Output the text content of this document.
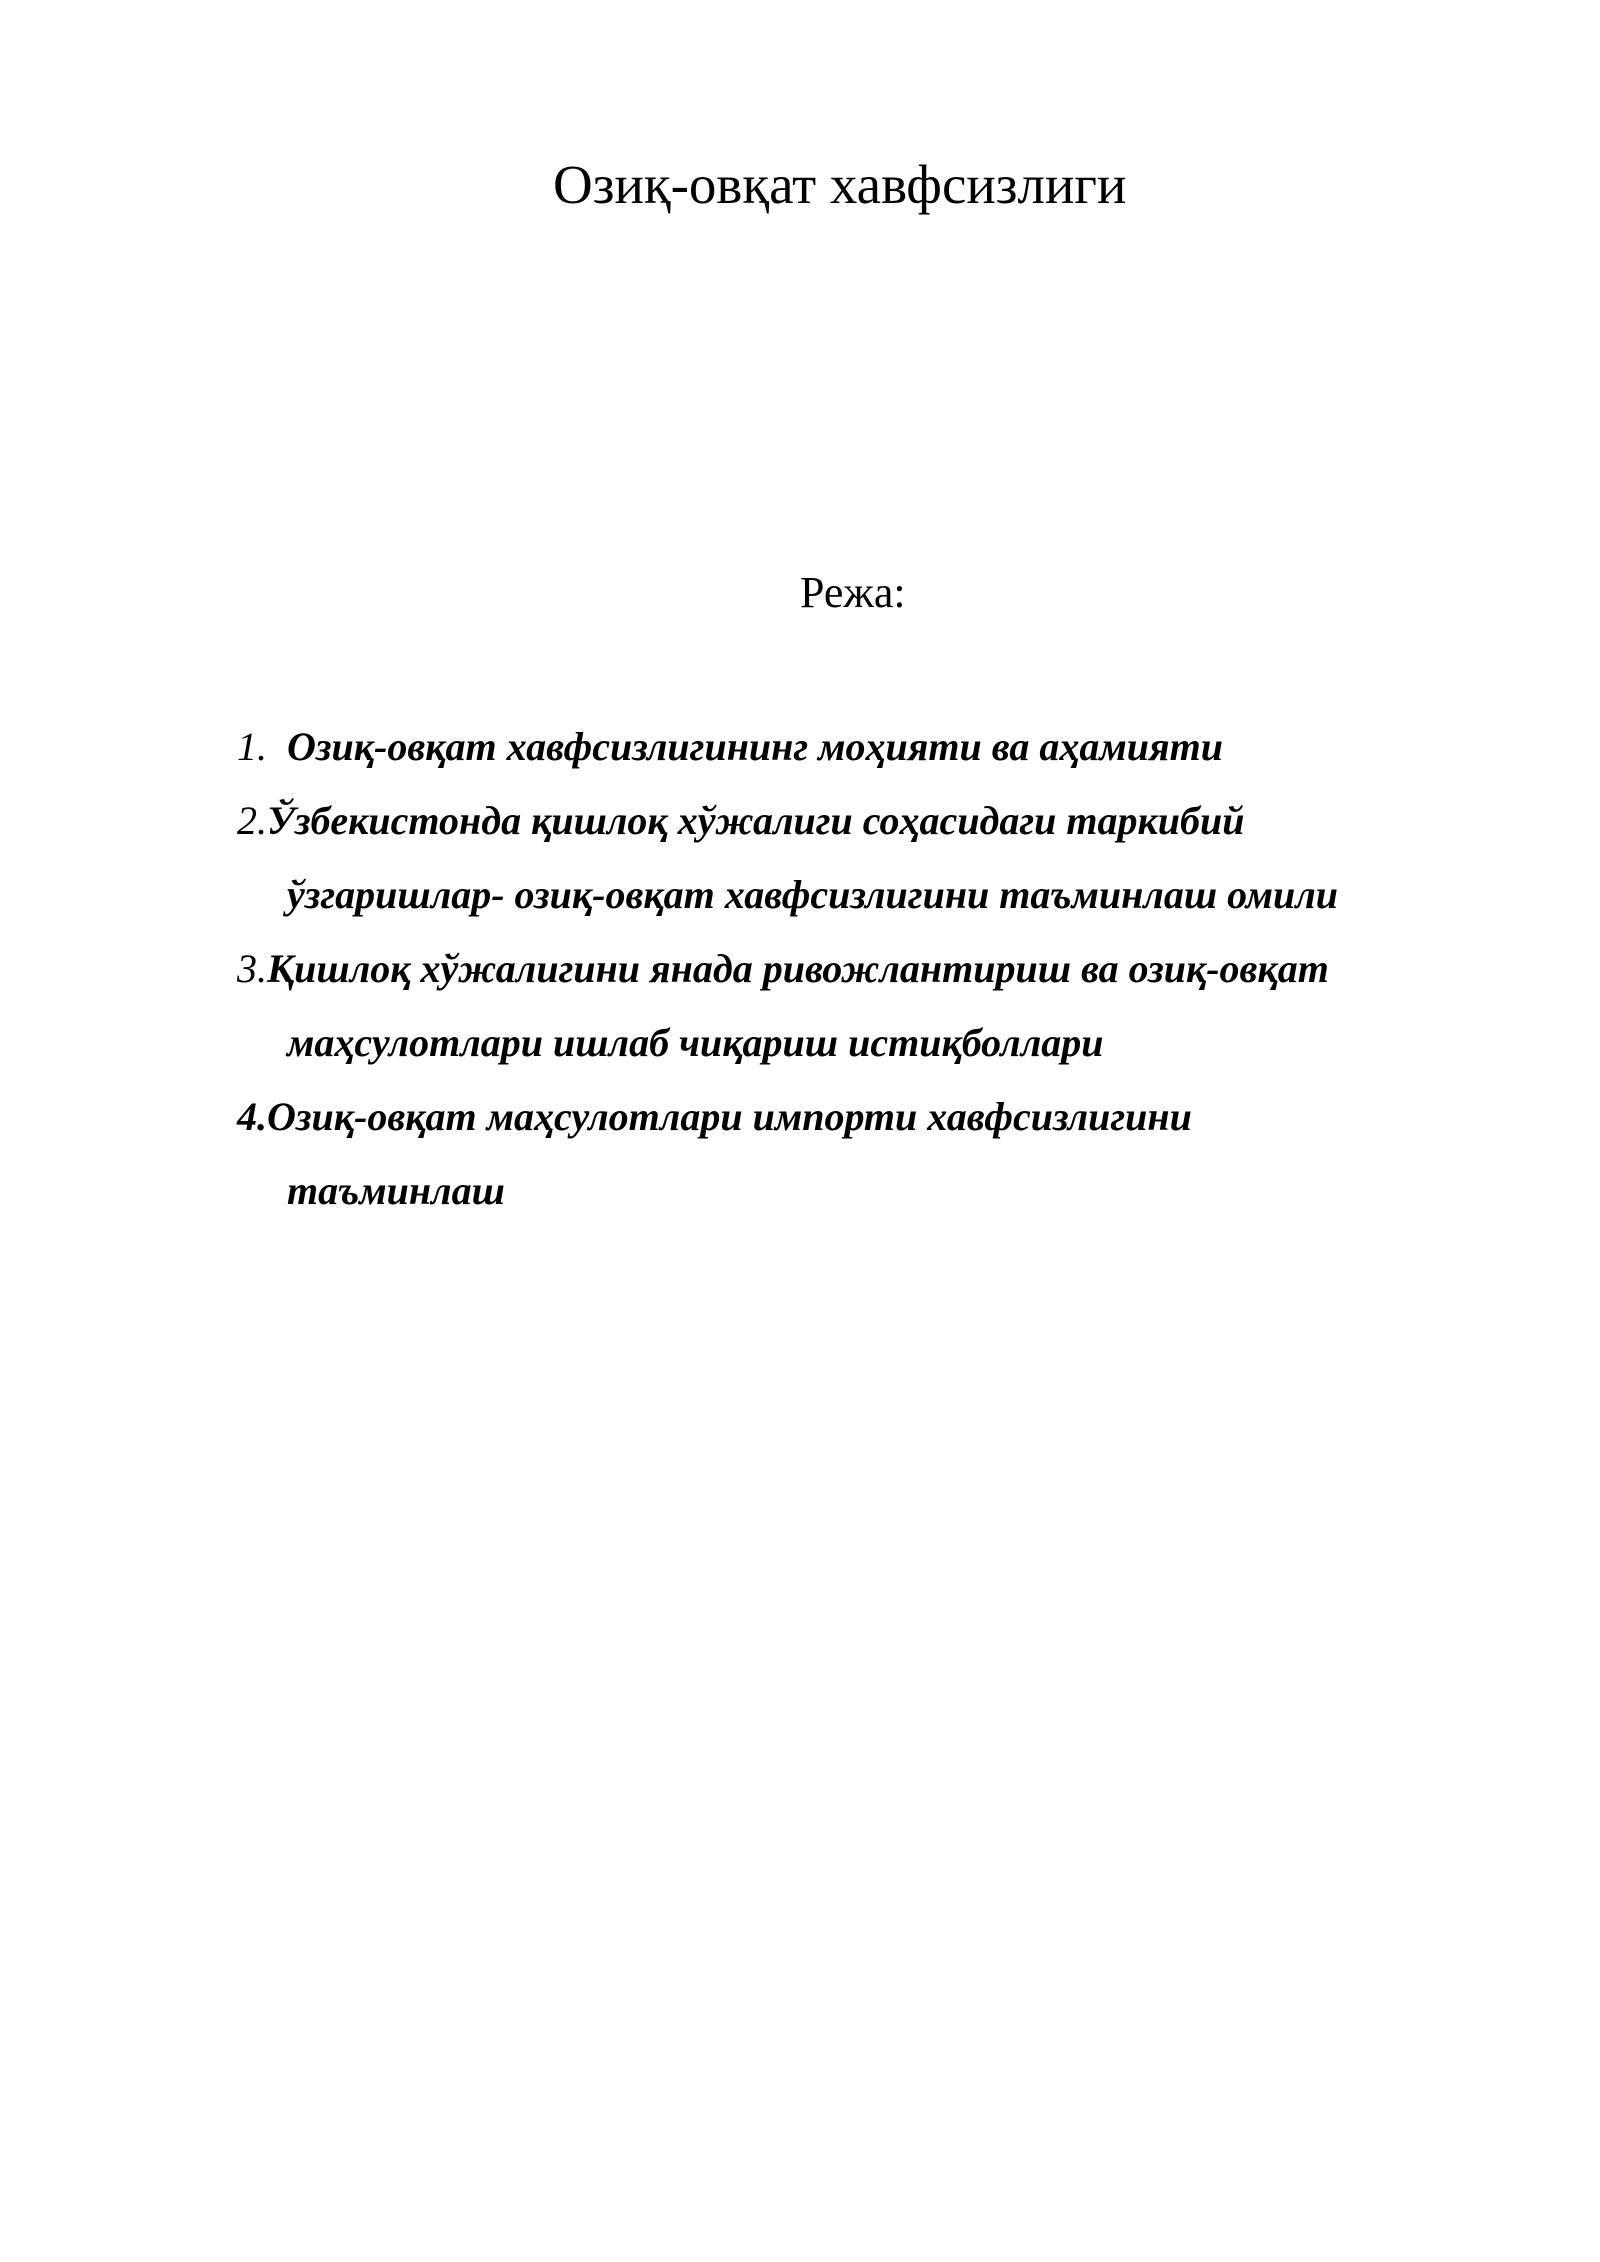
Озиқ-овқат хавфсизлиги
Режа:
1. Озиқ-овқат хавфсизлигининг моҳияти ва аҳамияти
2.Ўзбекистонда қишлоқ хўжалиги соҳасидаги таркибий
ўзгаришлар- озиқ-овқат хавфсизлигини таъминлаш омили
3.Қишлоқ хўжалигини янада ривожлантириш ва озиқ-овқат
маҳсулотлари ишлаб чиқариш истиқболлари
4.Озиқ-овқат маҳсулотлари импорти хавфсизлигини
таъминлаш
